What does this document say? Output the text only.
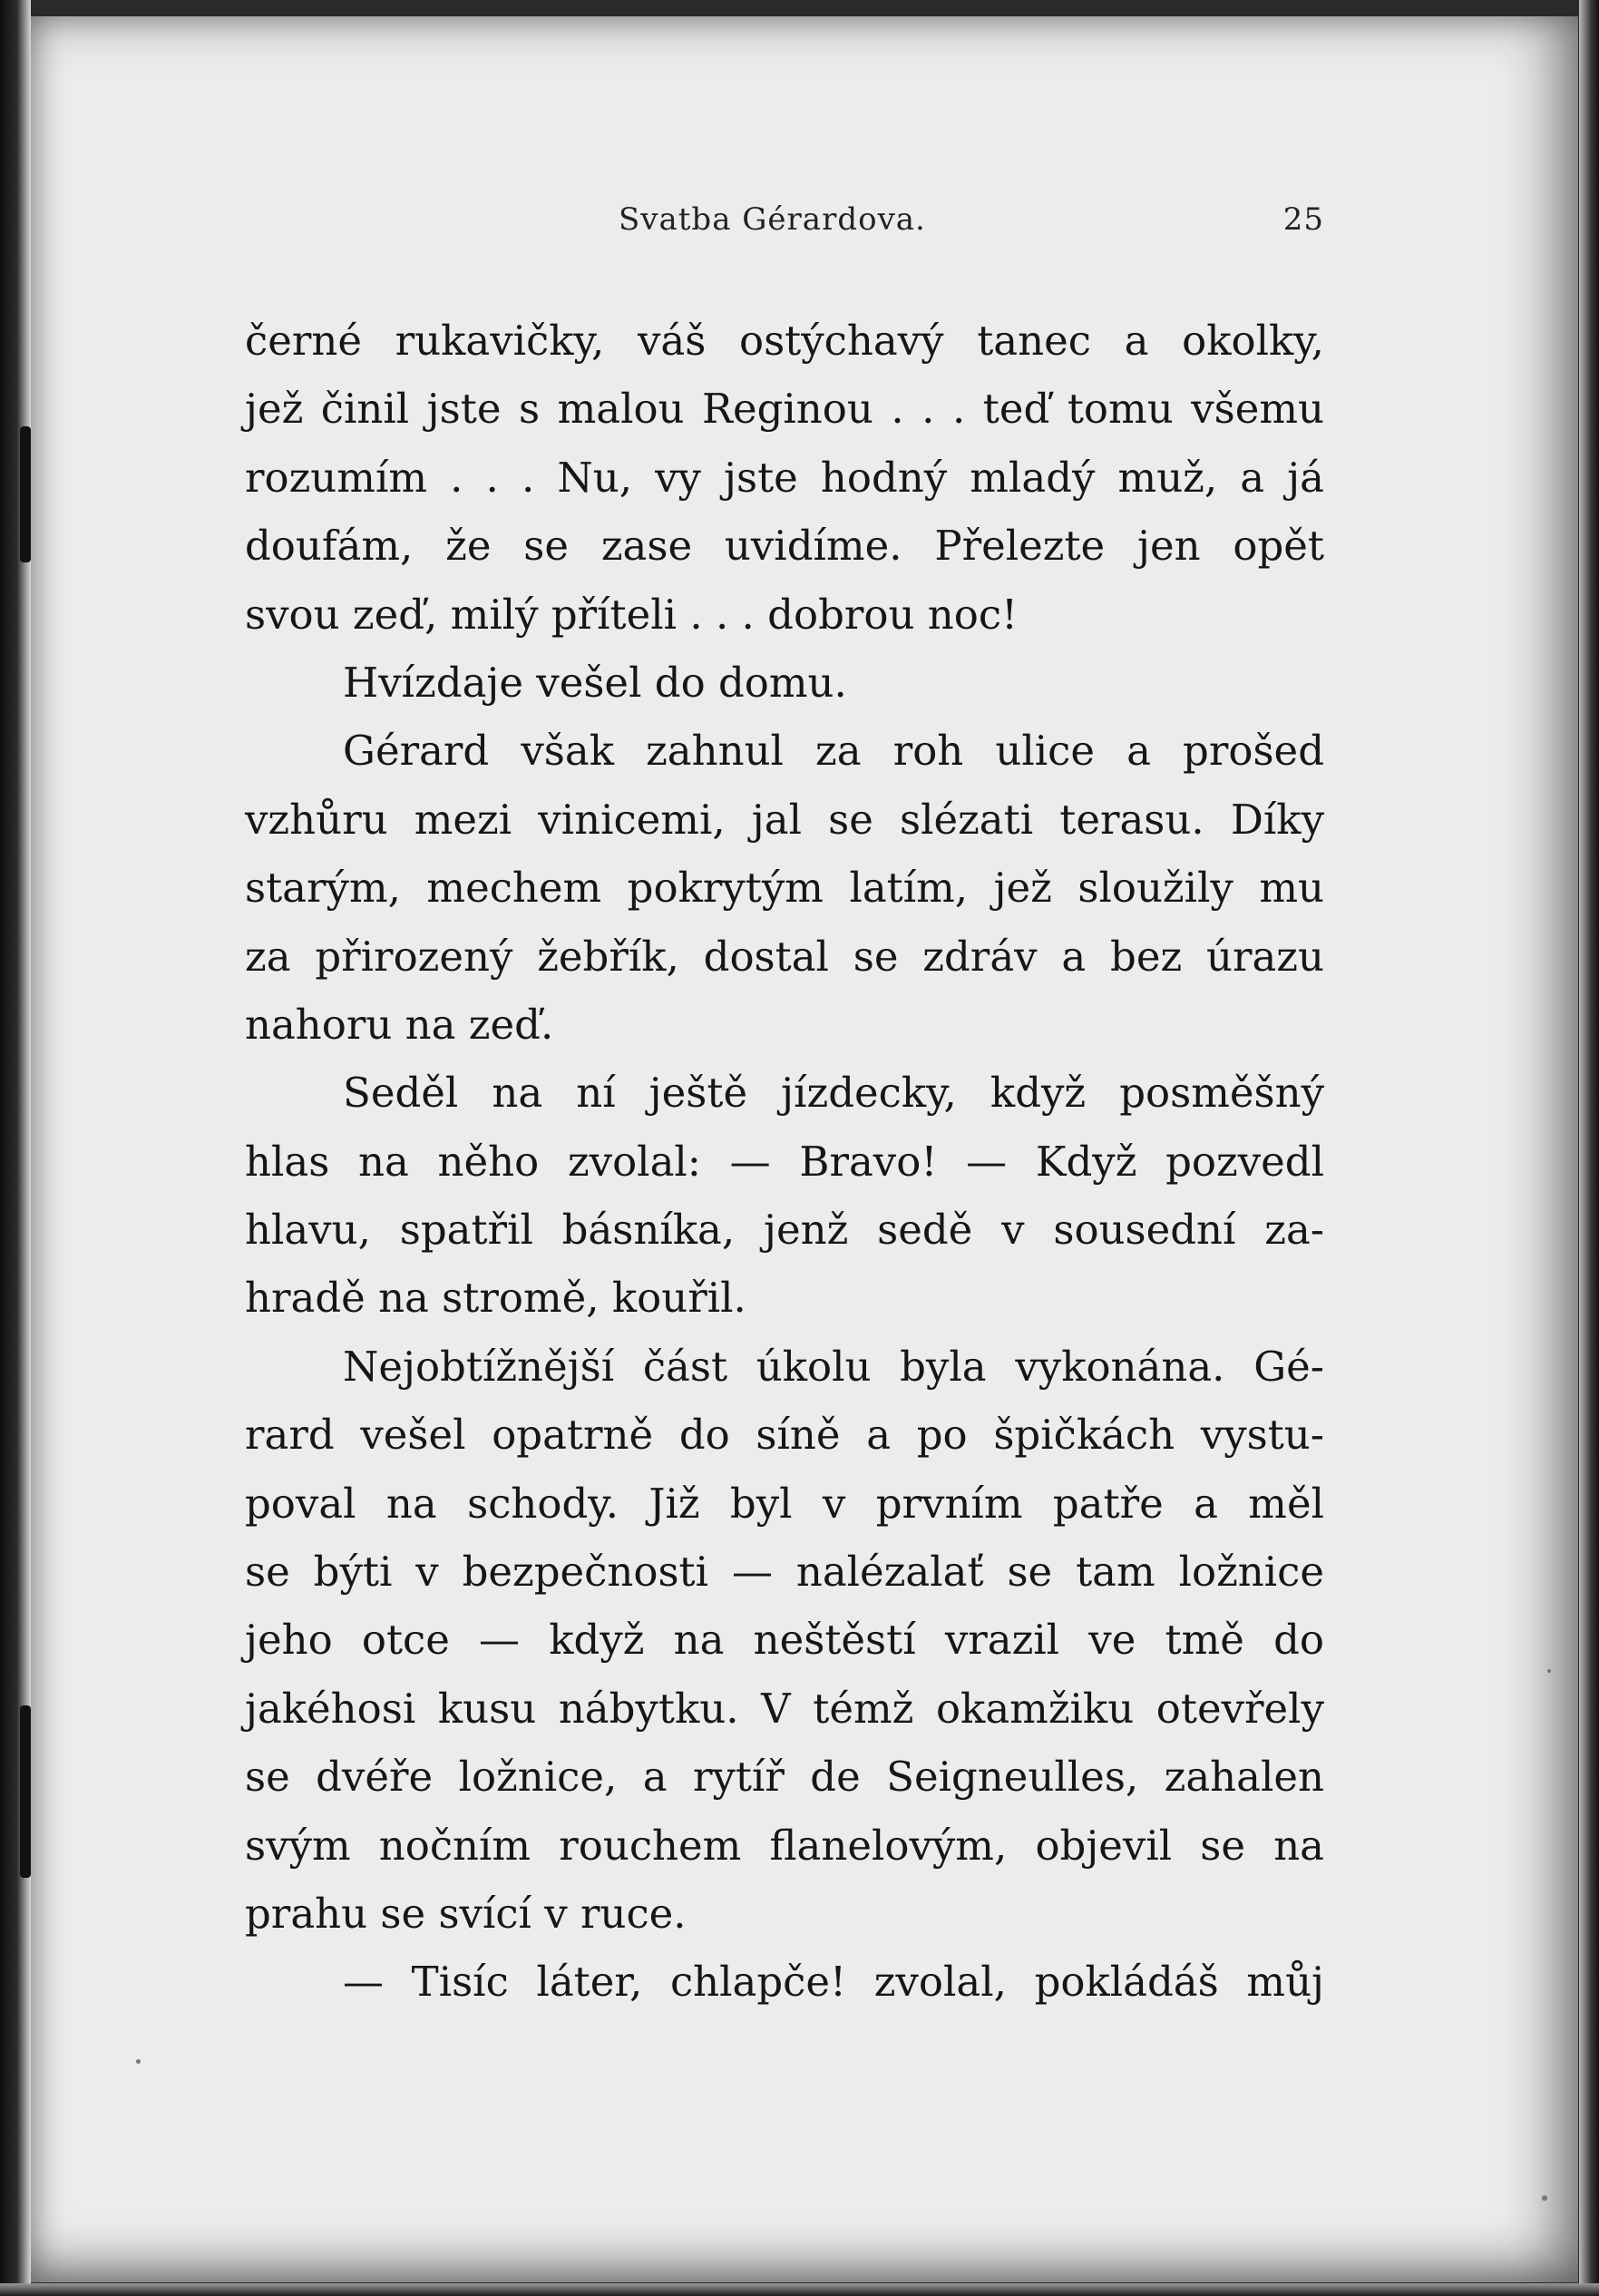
Svatba Gérardova.	25
černé rukavičky, váš ostýchavý tanec a okolky,
jež činil jste s malou Reginou . . . teď tomu všemu
rozumím . . . Nu, vy jste hodný mladý muž, a já
doufám, že se zase uvidíme. Přelezte jen opět
svou zeď, milý příteli . . . dobrou noc!
Hvízdaje vešel do domu.
Gérard však zahnul za roh ulice a prošed
vzhůru mezi vinicemi, jal se slézati terasu. Díky
starým, mechem pokrytým latím, jež sloužily mu
za přirozený žebřík, dostal se zdráv a bez úrazu
nahoru na zeď.
Seděl na ní ještě jízdecky, když posměšný
hlas na něho zvolal: — Bravo! — Když pozvedl
hlavu, spatřil básníka, jenž sedě v sousední za-
hradě na stromě, kouřil.
Nejobtížnější část úkolu byla vykonána. Gé-
rard vešel opatrně do síně a po špičkách vystu-
poval na schody. Již byl v prvním patře a měl
se býti v bezpečnosti — nalézalať se tam ložnice
jeho otce — když na neštěstí vrazil ve tmě do
jakéhosi kusu nábytku. V témž okamžiku otevřely
se dvéře ložnice, a rytíř de Seigneulles, zahalen
svým nočním rouchem flanelovým, objevil se na
prahu se svící v ruce.
— Tisíc láter, chlapče! zvolal, pokládáš můj
